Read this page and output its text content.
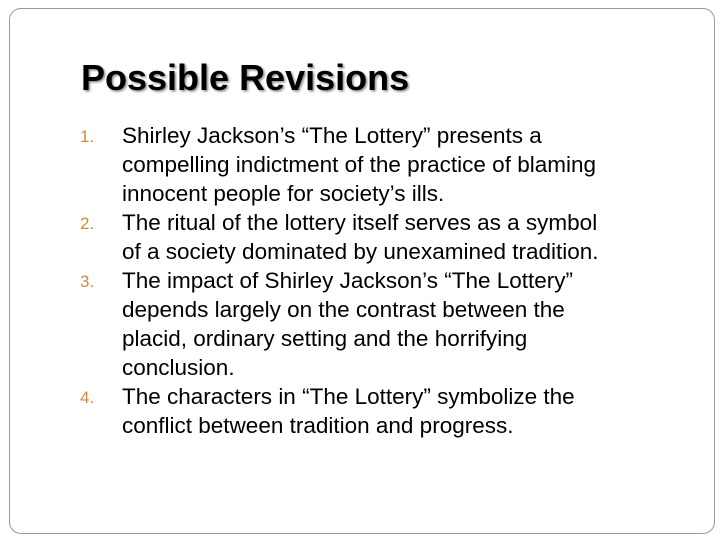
Possible Revisions
1.	Shirley Jackson’s “The Lottery” presents a
compelling indictment of the practice of blaming
innocent people for society’s ills.
2.	The ritual of the lottery itself serves as a symbol
of a society dominated by unexamined tradition.
3.	The impact of Shirley Jackson’s “The Lottery”
depends largely on the contrast between the
placid, ordinary setting and the horrifying
conclusion.
4.	The characters in “The Lottery” symbolize the
conflict between tradition and progress.
